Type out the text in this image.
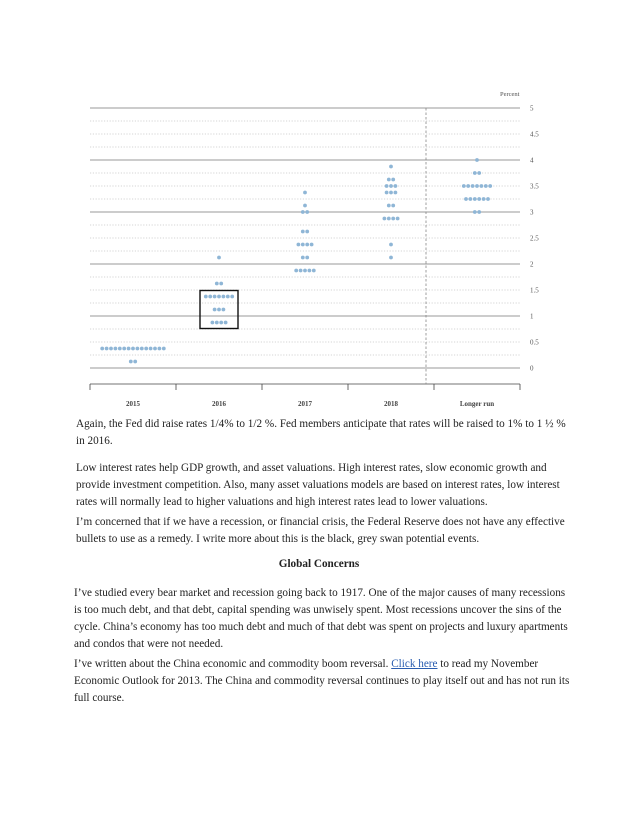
5
4.5
4
3.5
3
2.5
2
1.5
1
0.5
0
2015	2016	2017	2018	Longer run
Percent

Again, the Fed did raise rates 1/4% to 1/2 %. Fed members anticipate that rates will be raised to 1% to 1 ½ % in 2016.

Low interest rates help GDP growth, and asset valuations. High interest rates, slow economic growth and provide investment competition. Also, many asset valuations models are based on interest rates, low interest rates will normally lead to higher valuations and high interest rates lead to lower valuations.

I’m concerned that if we have a recession, or financial crisis, the Federal Reserve does not have any effective bullets to use as a remedy. I write more about this is the black, grey swan potential events.

Global Concerns

I’ve studied every bear market and recession going back to 1917. One of the major causes of many recessions is too much debt, and that debt, capital spending was unwisely spent. Most recessions uncover the sins of the cycle. China’s economy has too much debt and much of that debt was spent on projects and luxury apartments and condos that were not needed.

I’ve written about the China economic and commodity boom reversal. Click here to read my November Economic Outlook for 2013. The China and commodity reversal continues to play itself out and has not run its full course.
